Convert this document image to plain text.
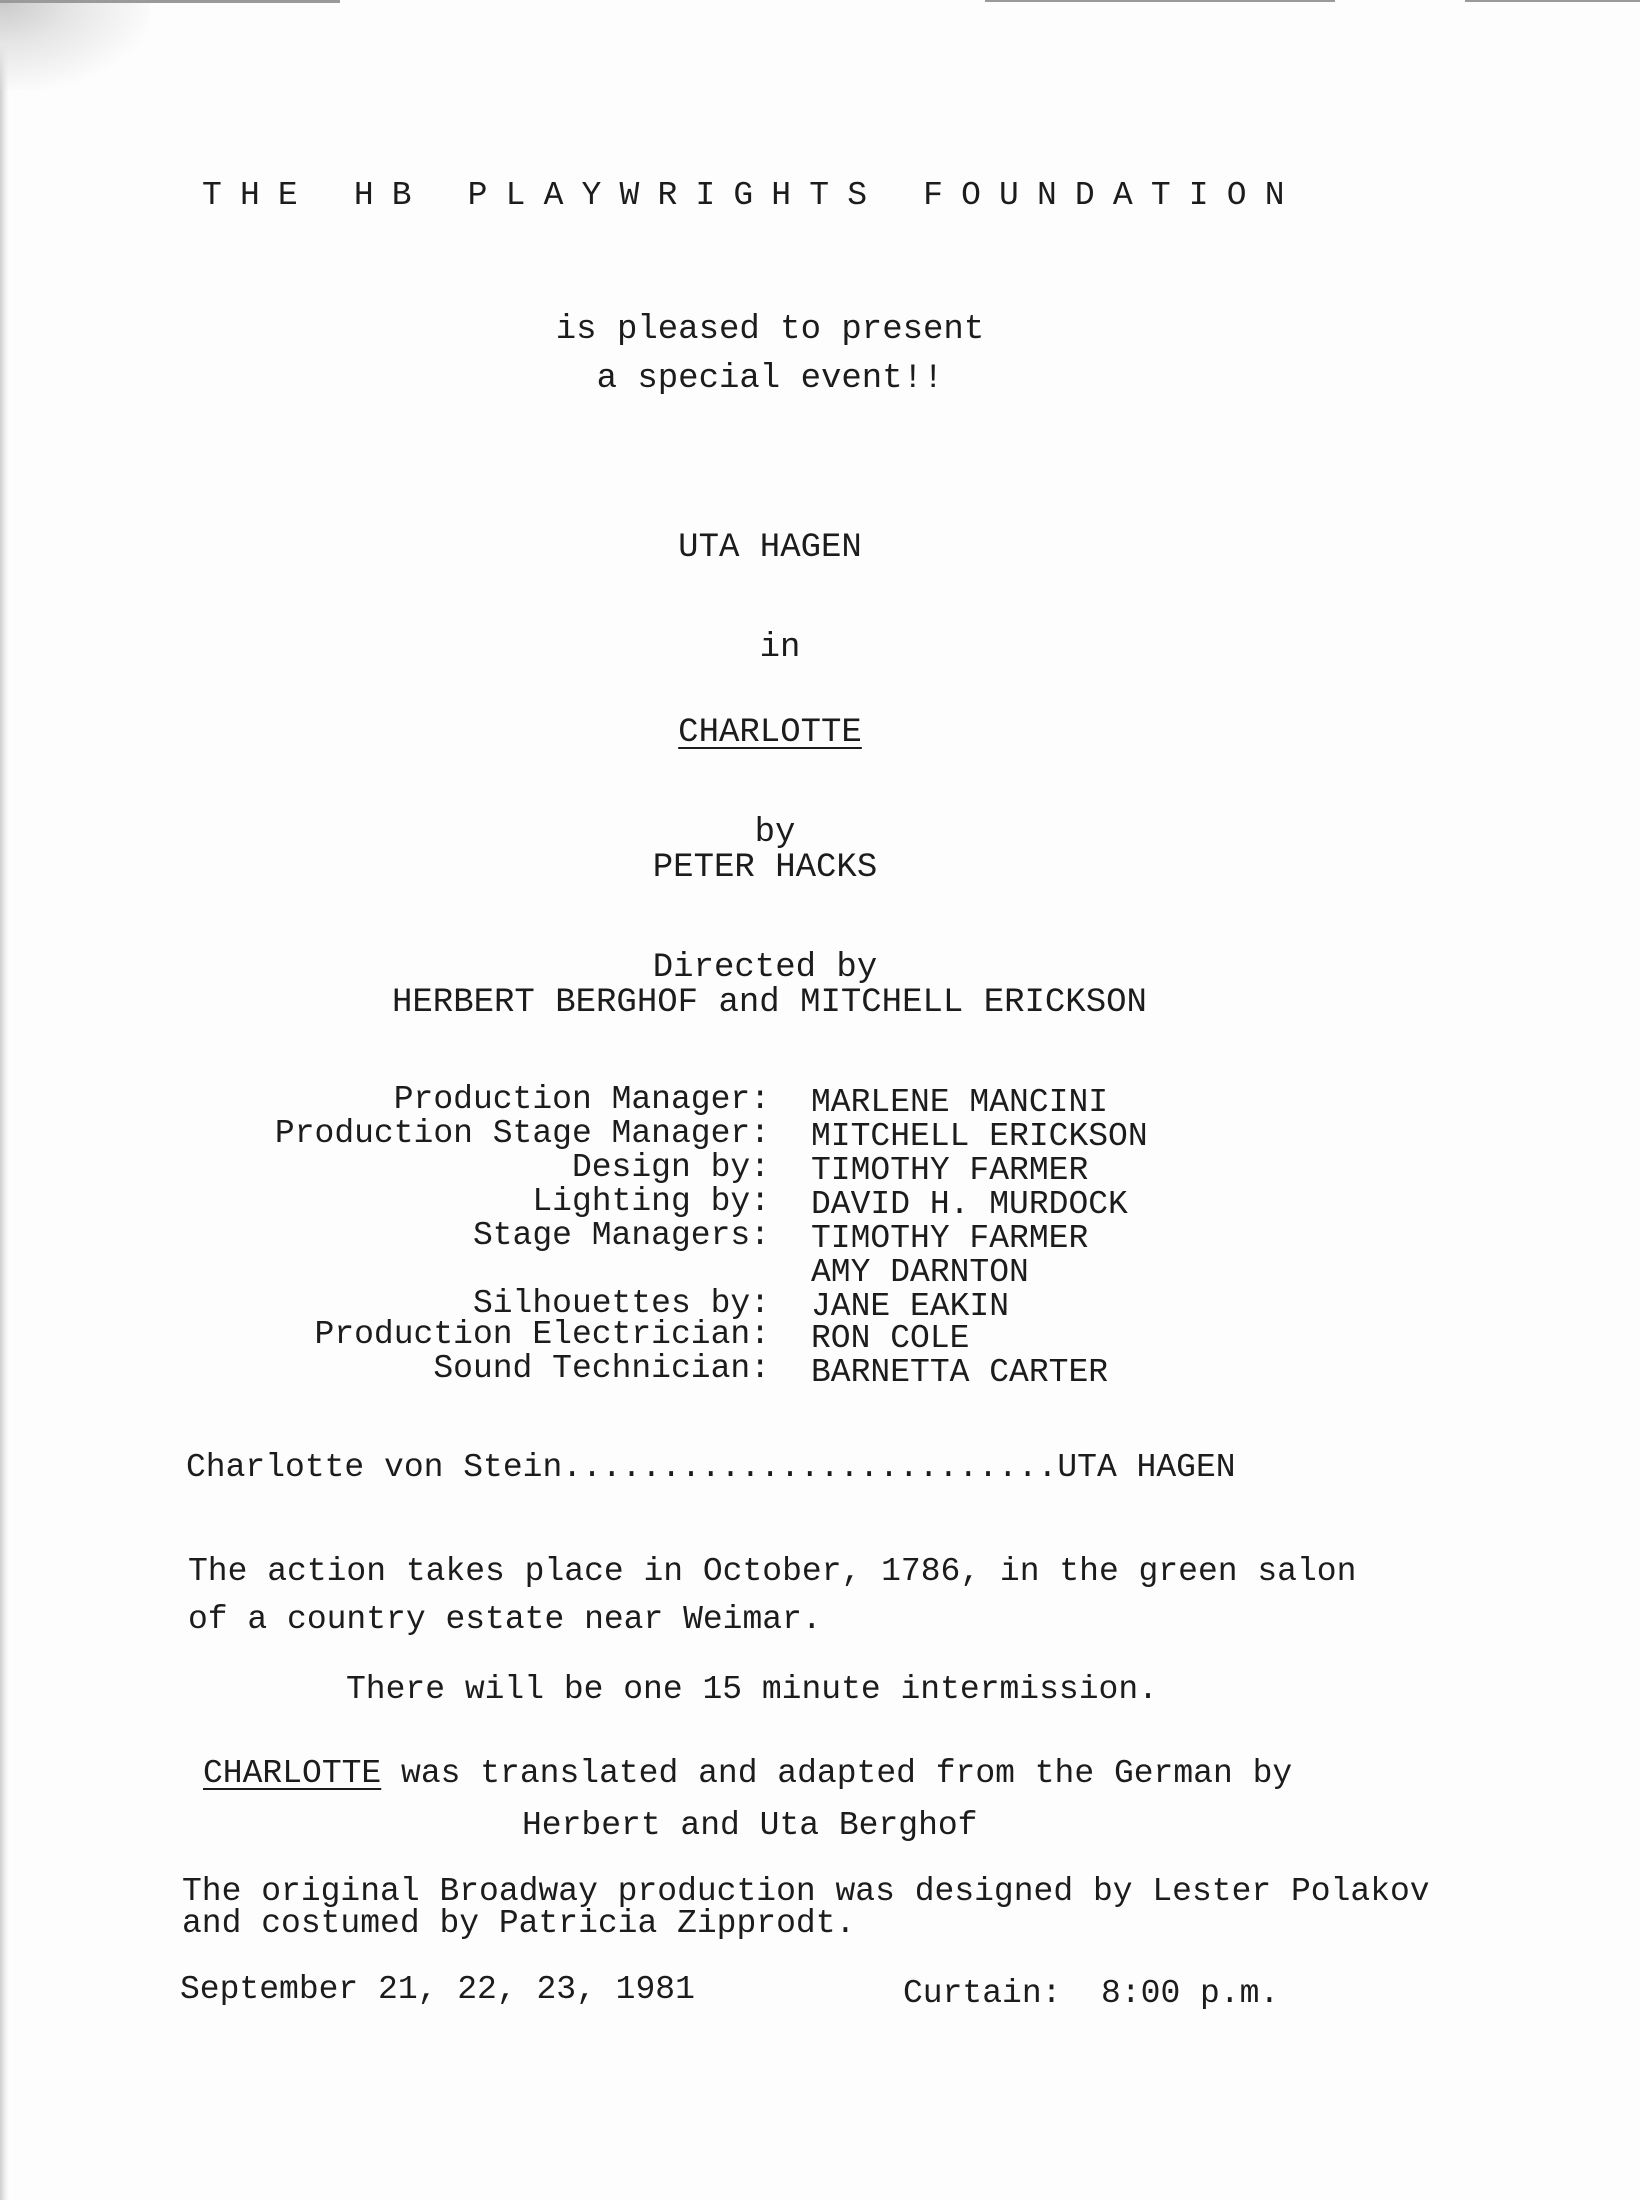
THE HB PLAYWRIGHTS FOUNDATION

is pleased to present

a special event!!

UTA HAGEN

in

CHARLOTTE

by

PETER HACKS

Directed by

HERBERT BERGHOF and MITCHELL ERICKSON

Production Manager: MARLENE MANCINI
Production Stage Manager: MITCHELL ERICKSON
Design by: TIMOTHY FARMER
Lighting by: DAVID H. MURDOCK
Stage Managers: TIMOTHY FARMER
AMY DARNTON
Silhouettes by: JANE EAKIN
Production Electrician: RON COLE
Sound Technician: BARNETTA CARTER

Charlotte von Stein.........................UTA HAGEN

The action takes place in October, 1786, in the green salon

of a country estate near Weimar.

There will be one 15 minute intermission.

CHARLOTTE was translated and adapted from the German by

Herbert and Uta Berghof

The original Broadway production was designed by Lester Polakov

and costumed by Patricia Zipprodt.

September 21, 22, 23, 1981	Curtain:  8:00 p.m.
